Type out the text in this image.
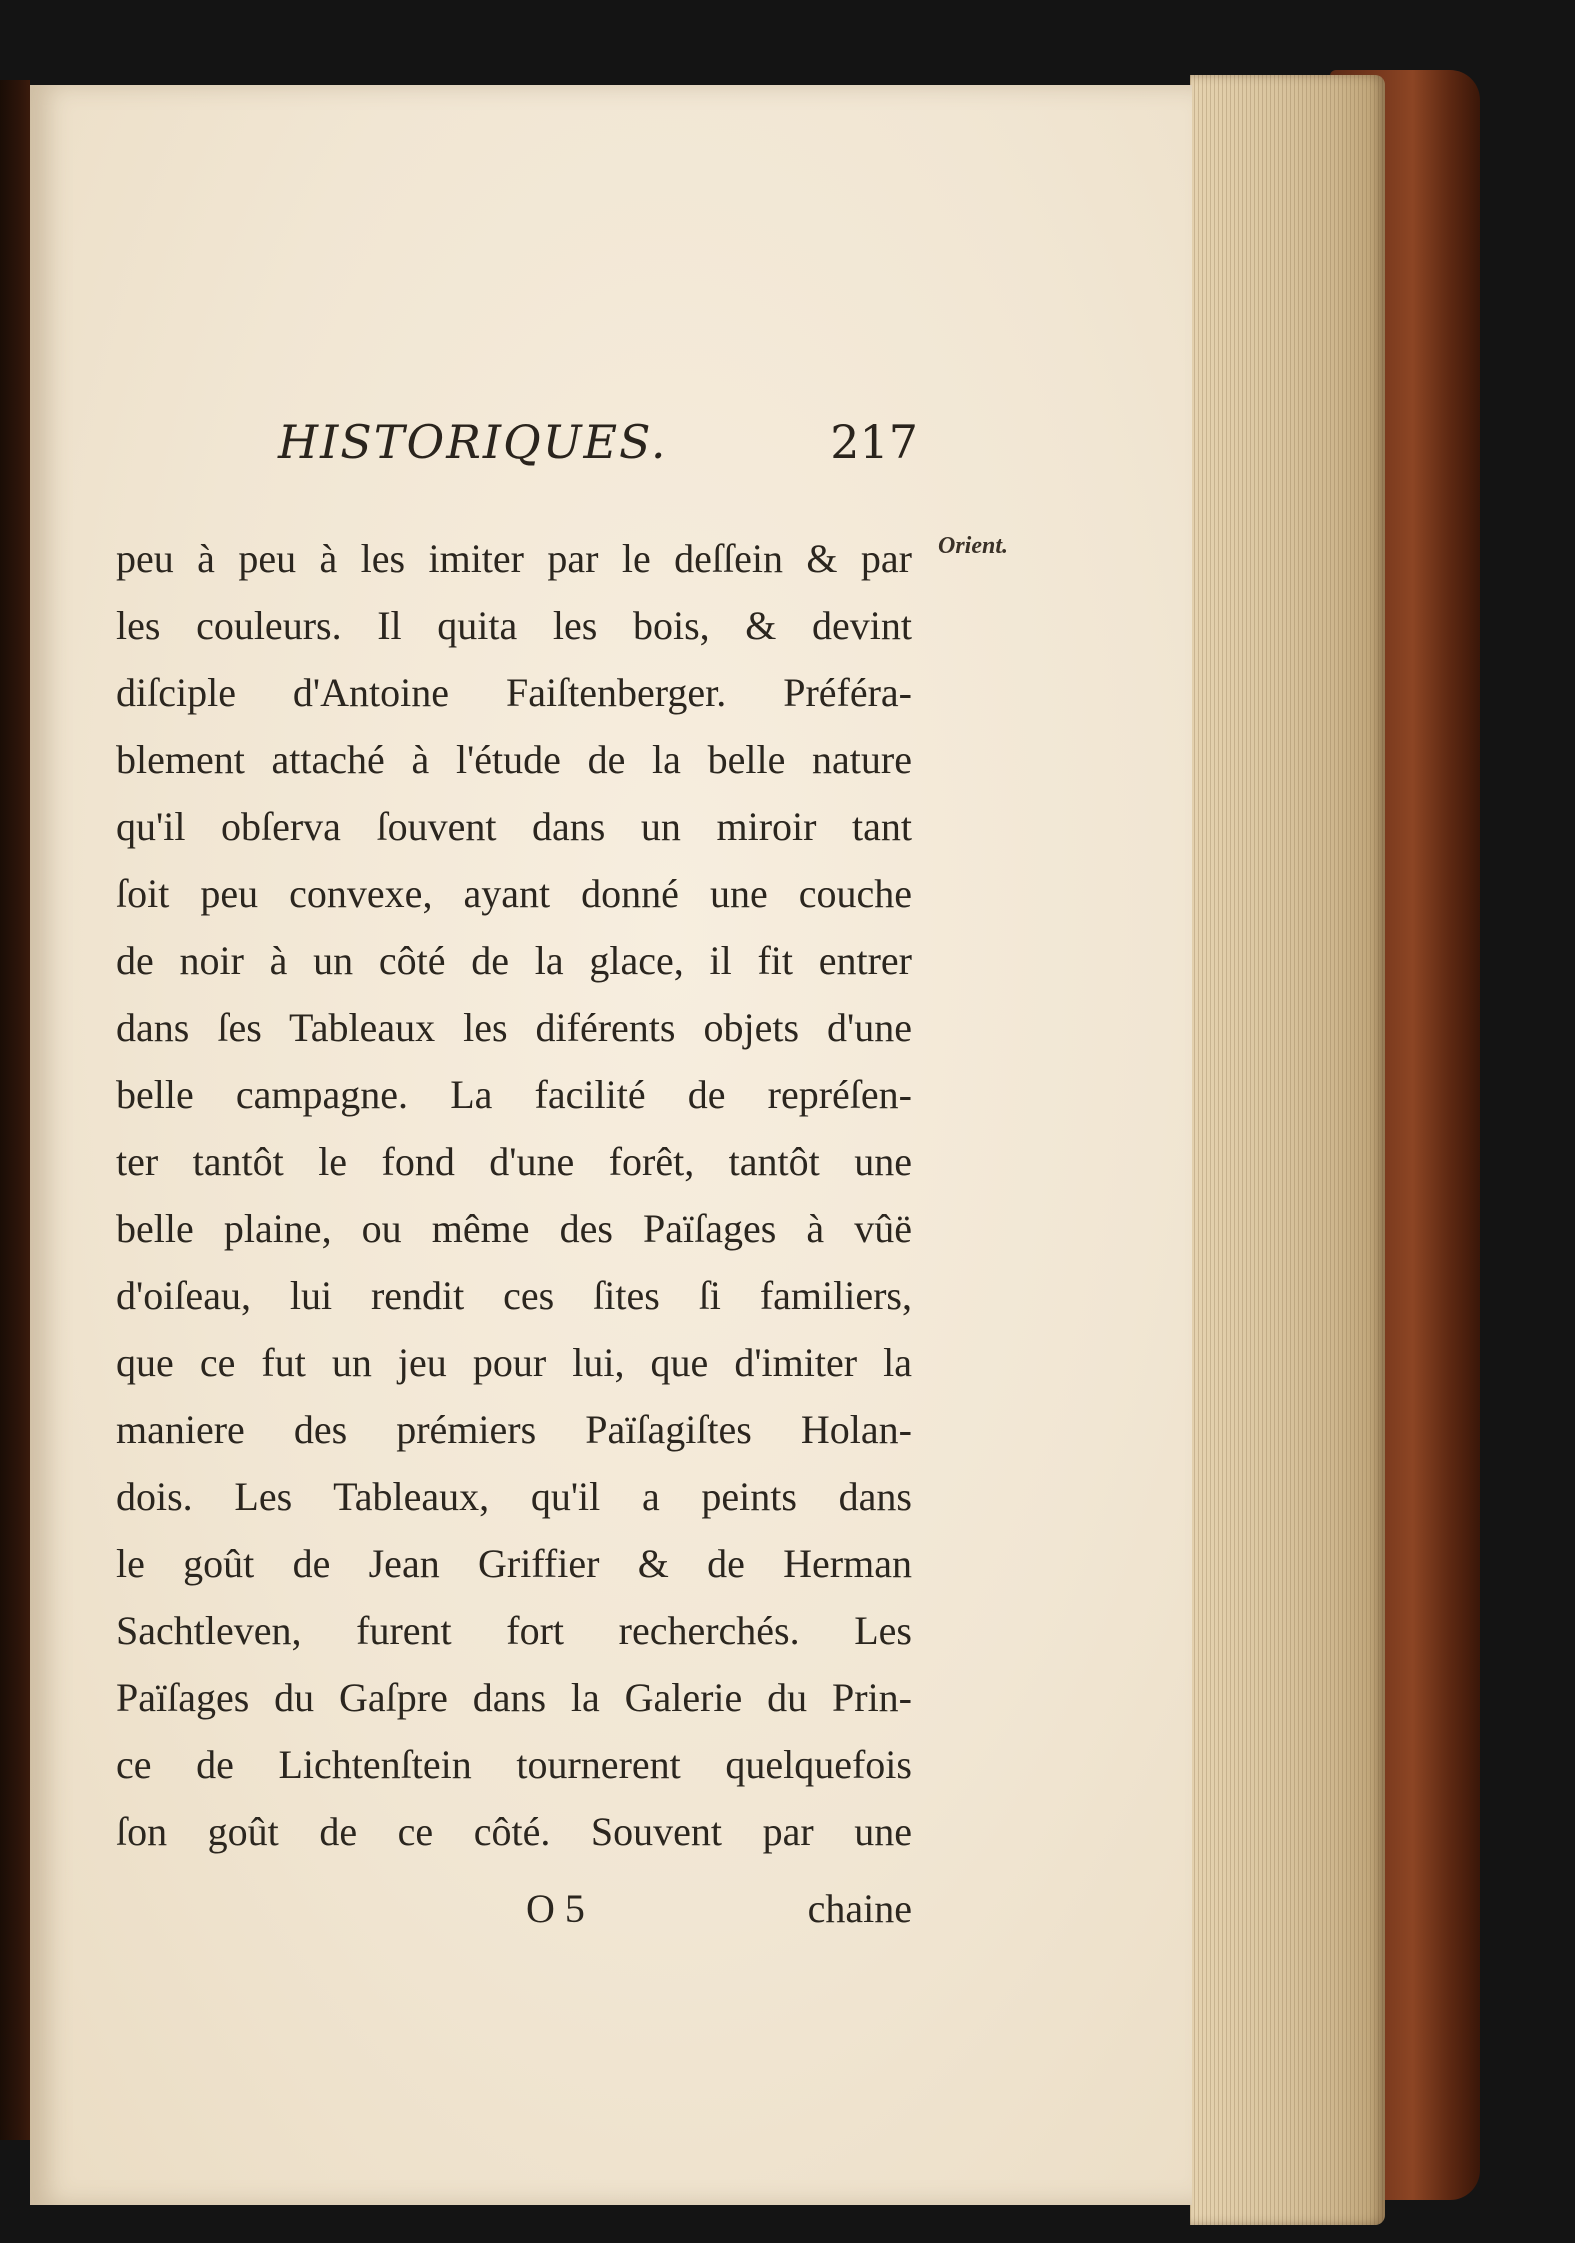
HISTORIQUES.	217
peu à peu à les imiter par le deſſein & par
les couleurs. Il quita les bois, & devint
diſciple d'Antoine Faiſtenberger. Préféra-
blement attaché à l'étude de la belle nature
qu'il obſerva ſouvent dans un miroir tant
ſoit peu convexe, ayant donné une couche
de noir à un côté de la glace, il fit entrer
dans ſes Tableaux les diférents objets d'une
belle campagne. La facilité de repréſen-
ter tantôt le fond d'une forêt, tantôt une
belle plaine, ou même des Païſages à vûë
d'oiſeau, lui rendit ces ſites ſi familiers,
que ce fut un jeu pour lui, que d'imiter la
maniere des prémiers Païſagiſtes Holan-
dois. Les Tableaux, qu'il a peints dans
le goût de Jean Griffier & de Herman
Sachtleven, furent fort recherchés. Les
Païſages du Gaſpre dans la Galerie du Prin-
ce de Lichtenſtein tournerent quelquefois
ſon goût de ce côté. Souvent par une
Orient.
O 5	chaine
